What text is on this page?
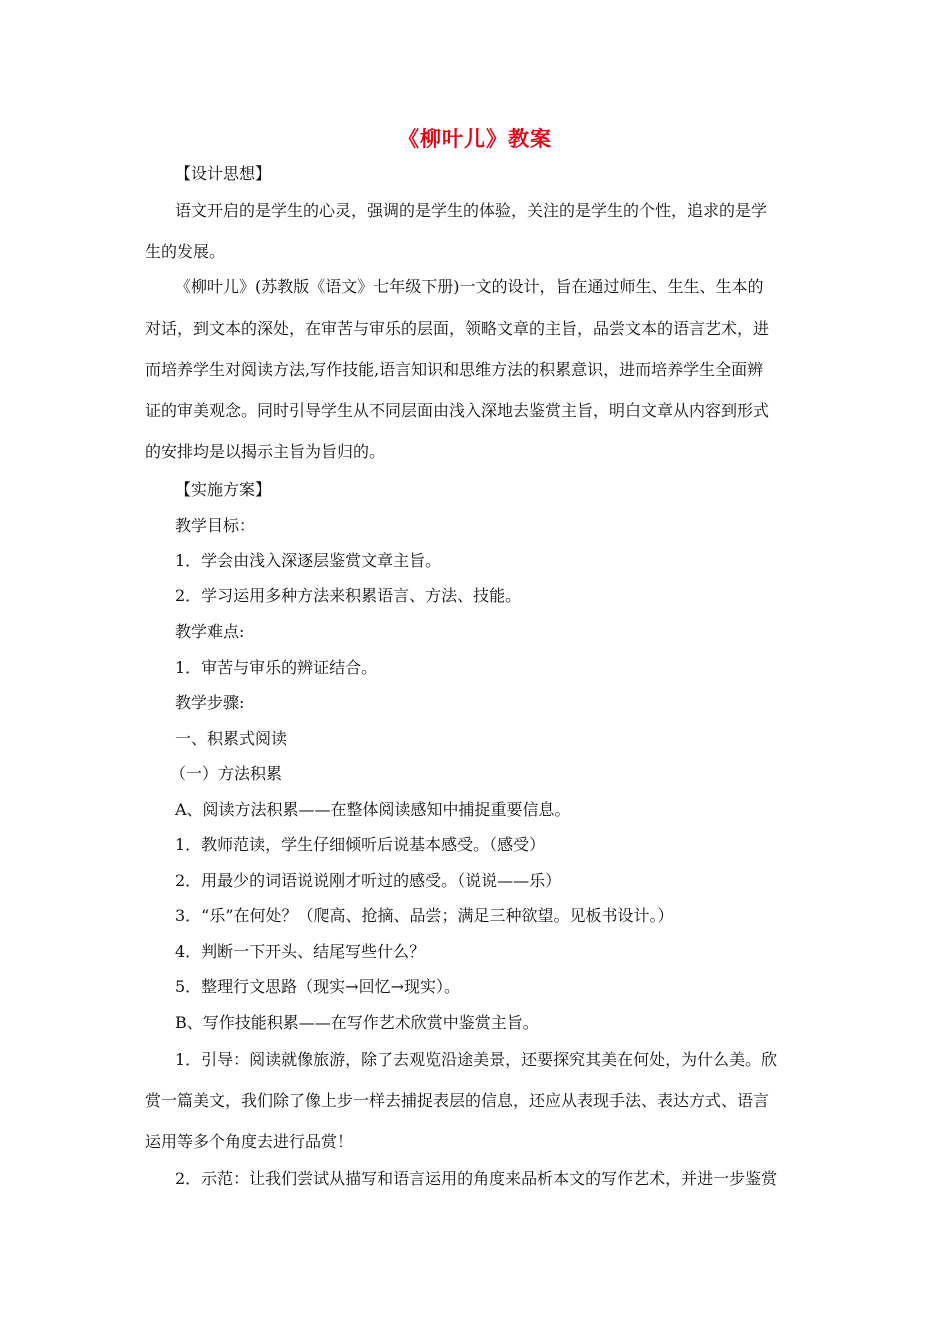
《柳叶儿》教案
【设计思想】
语文开启的是学生的心灵，强调的是学生的体验，关注的是学生的个性，追求的是学
生的发展。
《柳叶儿》(苏教版《语文》七年级下册)一文的设计，旨在通过师生、生生、生本的
对话，到文本的深处，在审苦与审乐的层面，领略文章的主旨，品尝文本的语言艺术，进
而培养学生对阅读方法,写作技能,语言知识和思维方法的积累意识，进而培养学生全面辨
证的审美观念。同时引导学生从不同层面由浅入深地去鉴赏主旨，明白文章从内容到形式
的安排均是以揭示主旨为旨归的。
【实施方案】
教学目标：
1．学会由浅入深逐层鉴赏文章主旨。
2．学习运用多种方法来积累语言、方法、技能。
教学难点:
1．审苦与审乐的辨证结合。
教学步骤:
一、积累式阅读
（一）方法积累
A、阅读方法积累——在整体阅读感知中捕捉重要信息。
1．教师范读，学生仔细倾听后说基本感受。（感受）
2．用最少的词语说说刚才听过的感受。（说说——乐）
3．“乐”在何处？（爬高、抢摘、品尝；满足三种欲望。见板书设计。）
4．判断一下开头、结尾写些什么？
5．整理行文思路（现实→回忆→现实）。
B、写作技能积累——在写作艺术欣赏中鉴赏主旨。
1．引导：阅读就像旅游，除了去观览沿途美景，还要探究其美在何处，为什么美。欣
赏一篇美文，我们除了像上步一样去捕捉表层的信息，还应从表现手法、表达方式、语言
运用等多个角度去进行品赏！
2．示范：让我们尝试从描写和语言运用的角度来品析本文的写作艺术，并进一步鉴赏
